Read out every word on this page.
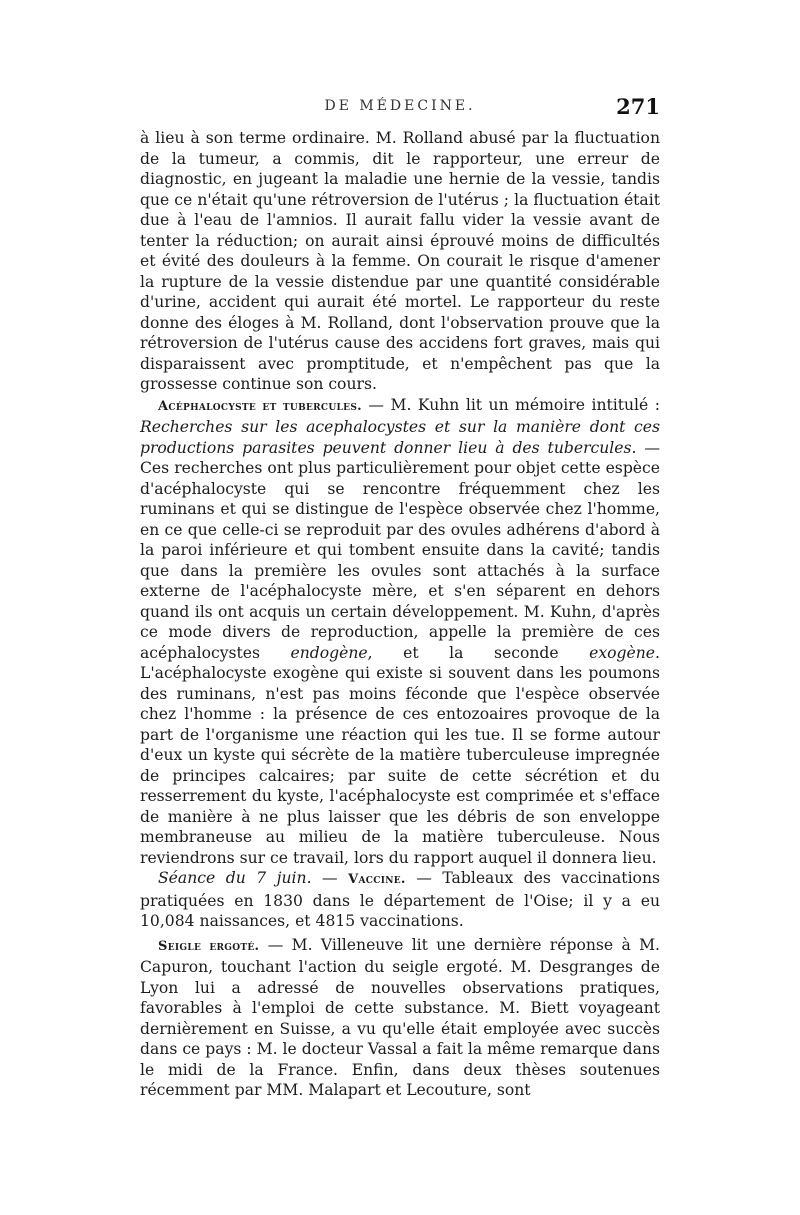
DE MÉDECINE.	271

à lieu à son terme ordinaire. M. Rolland abusé par la fluctuation de la tumeur, a commis, dit le rapporteur, une erreur de diagnostic, en jugeant la maladie une hernie de la vessie, tandis que ce n'était qu'une rétroversion de l'utérus ; la fluctuation était due à l'eau de l'amnios. Il aurait fallu vider la vessie avant de tenter la réduction; on aurait ainsi éprouvé moins de difficultés et évité des douleurs à la femme. On courait le risque d'amener la rupture de la vessie distendue par une quantité considérable d'urine, accident qui aurait été mortel. Le rapporteur du reste donne des éloges à M. Rolland, dont l'observation prouve que la rétroversion de l'utérus cause des accidens fort graves, mais qui disparaissent avec promptitude, et n'empêchent pas que la grossesse continue son cours.

Acéphalocyste et tubercules. — M. Kuhn lit un mémoire intitulé : Recherches sur les acephalocystes et sur la manière dont ces productions parasites peuvent donner lieu à des tubercules. — Ces recherches ont plus particulièrement pour objet cette espèce d'acéphalocyste qui se rencontre fréquemment chez les ruminans et qui se distingue de l'espèce observée chez l'homme, en ce que celle-ci se reproduit par des ovules adhérens d'abord à la paroi inférieure et qui tombent ensuite dans la cavité; tandis que dans la première les ovules sont attachés à la surface externe de l'acéphalocyste mère, et s'en séparent en dehors quand ils ont acquis un certain développement. M. Kuhn, d'après ce mode divers de reproduction, appelle la première de ces acéphalocystes endogène, et la seconde exogène. L'acéphalocyste exogène qui existe si souvent dans les poumons des ruminans, n'est pas moins féconde que l'espèce observée chez l'homme : la présence de ces entozoaires provoque de la part de l'organisme une réaction qui les tue. Il se forme autour d'eux un kyste qui sécrète de la matière tuberculeuse impregnée de principes calcaires; par suite de cette sécrétion et du resserrement du kyste, l'acéphalocyste est comprimée et s'efface de manière à ne plus laisser que les débris de son enveloppe membraneuse au milieu de la matière tuberculeuse. Nous reviendrons sur ce travail, lors du rapport auquel il donnera lieu.

Séance du 7 juin. — Vaccine. — Tableaux des vaccinations pratiquées en 1830 dans le département de l'Oise; il y a eu 10,084 naissances, et 4815 vaccinations.

Seigle ergoté. — M. Villeneuve lit une dernière réponse à M. Capuron, touchant l'action du seigle ergoté. M. Desgranges de Lyon lui a adressé de nouvelles observations pratiques, favorables à l'emploi de cette substance. M. Biett voyageant dernièrement en Suisse, a vu qu'elle était employée avec succès dans ce pays : M. le docteur Vassal a fait la même remarque dans le midi de la France. Enfin, dans deux thèses soutenues récemment par MM. Malapart et Lecouture, sont
